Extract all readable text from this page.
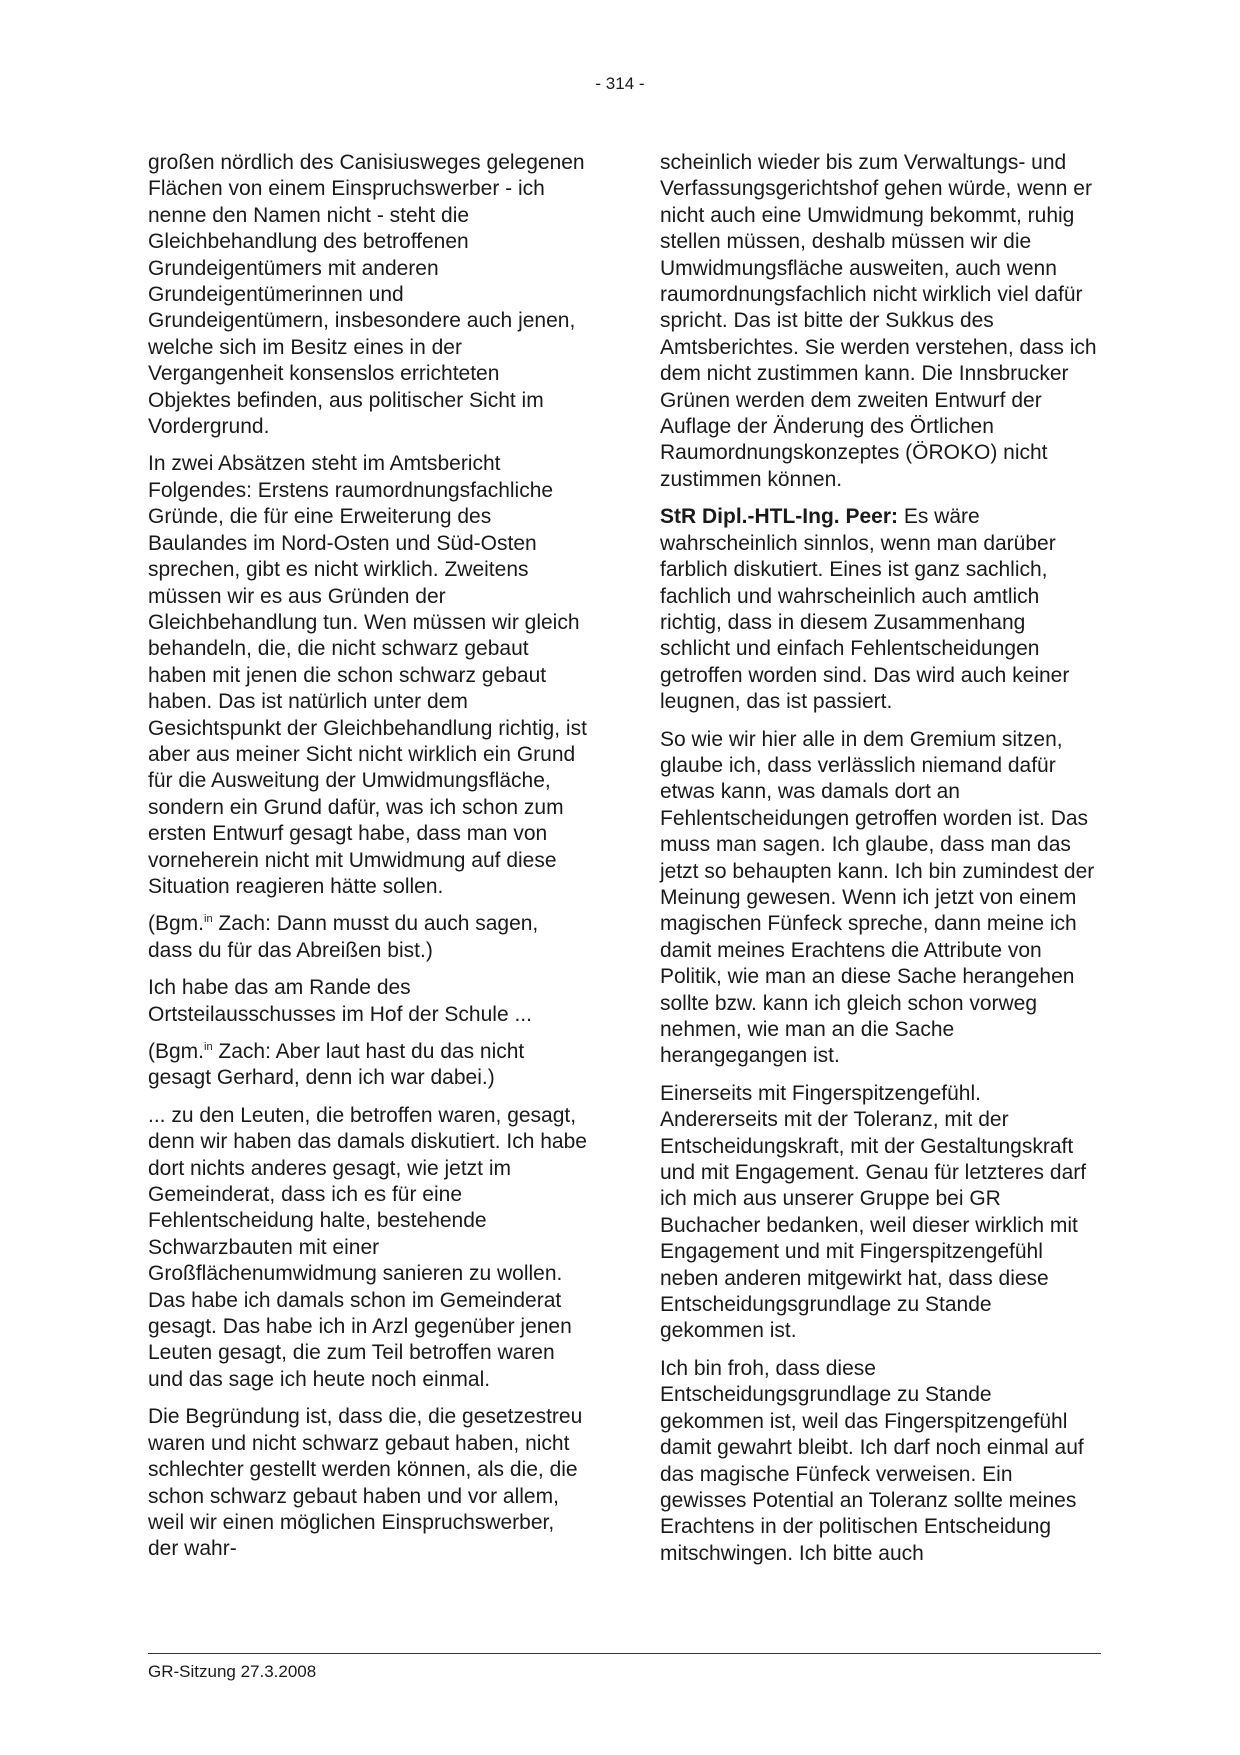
- 314 -

großen nördlich des Canisiusweges gelegenen Flächen von einem Einspruchswerber - ich nenne den Namen nicht - steht die Gleichbehandlung des betroffenen Grundeigentümers mit anderen Grundeigentümerinnen und Grundeigentümern, insbesondere auch jenen, welche sich im Besitz eines in der Vergangenheit konsenslos errichteten Objektes befinden, aus politischer Sicht im Vordergrund.

In zwei Absätzen steht im Amtsbericht Folgendes: Erstens raumordnungsfachliche Gründe, die für eine Erweiterung des Baulandes im Nord-Osten und Süd-Osten sprechen, gibt es nicht wirklich. Zweitens müssen wir es aus Gründen der Gleichbehandlung tun. Wen müssen wir gleich behandeln, die, die nicht schwarz gebaut haben mit jenen die schon schwarz gebaut haben. Das ist natürlich unter dem Gesichtspunkt der Gleichbehandlung richtig, ist aber aus meiner Sicht nicht wirklich ein Grund für die Ausweitung der Umwidmungsfläche, sondern ein Grund dafür, was ich schon zum ersten Entwurf gesagt habe, dass man von vorneherein nicht mit Umwidmung auf diese Situation reagieren hätte sollen.

(Bgm.$^{in}$ Zach: Dann musst du auch sagen, dass du für das Abreißen bist.)

Ich habe das am Rande des Ortsteilausschusses im Hof der Schule ...

(Bgm.$^{in}$ Zach: Aber laut hast du das nicht gesagt Gerhard, denn ich war dabei.)

... zu den Leuten, die betroffen waren, gesagt, denn wir haben das damals diskutiert. Ich habe dort nichts anderes gesagt, wie jetzt im Gemeinderat, dass ich es für eine Fehlentscheidung halte, bestehende Schwarzbauten mit einer Großflächenumwidmung sanieren zu wollen. Das habe ich damals schon im Gemeinderat gesagt. Das habe ich in Arzl gegenüber jenen Leuten gesagt, die zum Teil betroffen waren und das sage ich heute noch einmal.

Die Begründung ist, dass die, die gesetzestreu waren und nicht schwarz gebaut haben, nicht schlechter gestellt werden können, als die, die schon schwarz gebaut haben und vor allem, weil wir einen möglichen Einspruchswerber, der wahr-

scheinlich wieder bis zum Verwaltungs- und Verfassungsgerichtshof gehen würde, wenn er nicht auch eine Umwidmung bekommt, ruhig stellen müssen, deshalb müssen wir die Umwidmungsfläche ausweiten, auch wenn raumordnungsfachlich nicht wirklich viel dafür spricht. Das ist bitte der Sukkus des Amtsberichtes. Sie werden verstehen, dass ich dem nicht zustimmen kann. Die Innsbrucker Grünen werden dem zweiten Entwurf der Auflage der Änderung des Örtlichen Raumordnungskonzeptes (ÖROKO) nicht zustimmen können.

StR Dipl.-HTL-Ing. Peer: Es wäre wahrscheinlich sinnlos, wenn man darüber farblich diskutiert. Eines ist ganz sachlich, fachlich und wahrscheinlich auch amtlich richtig, dass in diesem Zusammenhang schlicht und einfach Fehlentscheidungen getroffen worden sind. Das wird auch keiner leugnen, das ist passiert.

So wie wir hier alle in dem Gremium sitzen, glaube ich, dass verlässlich niemand dafür etwas kann, was damals dort an Fehlentscheidungen getroffen worden ist. Das muss man sagen. Ich glaube, dass man das jetzt so behaupten kann. Ich bin zumindest der Meinung gewesen. Wenn ich jetzt von einem magischen Fünfeck spreche, dann meine ich damit meines Erachtens die Attribute von Politik, wie man an diese Sache herangehen sollte bzw. kann ich gleich schon vorweg nehmen, wie man an die Sache herangegangen ist.

Einerseits mit Fingerspitzengefühl. Andererseits mit der Toleranz, mit der Entscheidungskraft, mit der Gestaltungskraft und mit Engagement. Genau für letzteres darf ich mich aus unserer Gruppe bei GR Buchacher bedanken, weil dieser wirklich mit Engagement und mit Fingerspitzengefühl neben anderen mitgewirkt hat, dass diese Entscheidungsgrundlage zu Stande gekommen ist.

Ich bin froh, dass diese Entscheidungsgrundlage zu Stande gekommen ist, weil das Fingerspitzengefühl damit gewahrt bleibt. Ich darf noch einmal auf das magische Fünfeck verweisen. Ein gewisses Potential an Toleranz sollte meines Erachtens in der politischen Entscheidung mitschwingen. Ich bitte auch

GR-Sitzung 27.3.2008
